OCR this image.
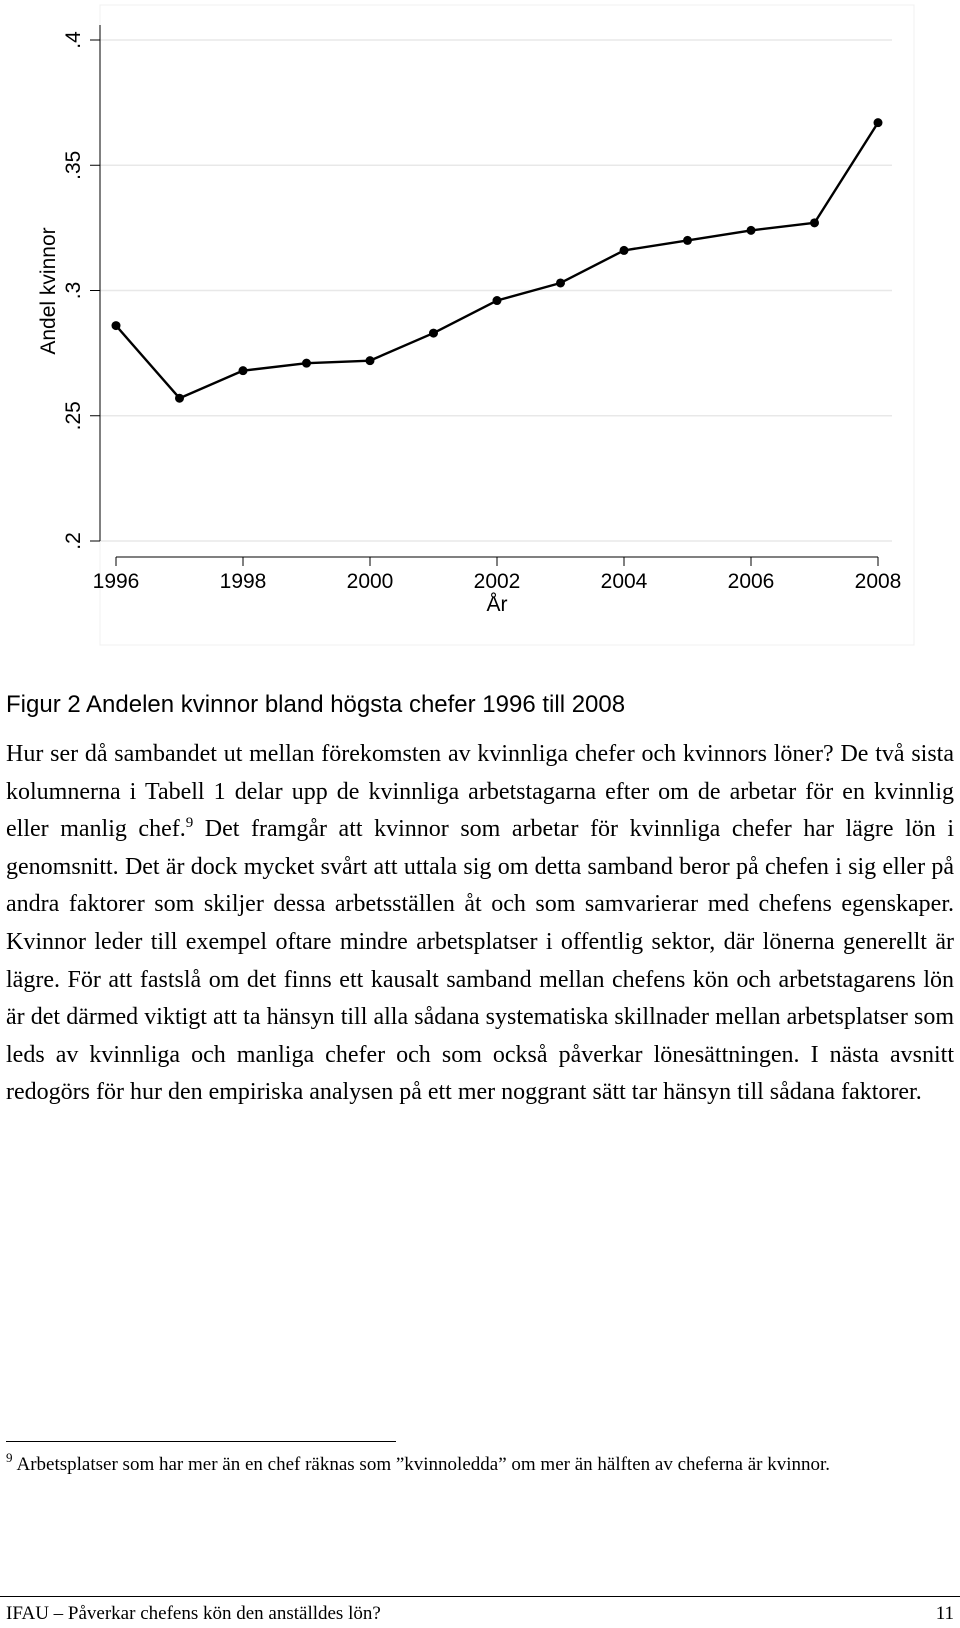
.2
.25
.3
.35
.4
1996	1998	2000	2002	2004	2006	2008
År
Andel kvinnor
Figur 2 Andelen kvinnor bland högsta chefer 1996 till 2008
Hur ser då sambandet ut mellan förekomsten av kvinnliga chefer och kvinnors löner? De två sista kolumnerna i Tabell 1 delar upp de kvinnliga arbetstagarna efter om de arbetar för en kvinnlig eller manlig chef.$^9$ Det framgår att kvinnor som arbetar för kvinnliga chefer har lägre lön i genomsnitt. Det är dock mycket svårt att uttala sig om detta samband beror på chefen i sig eller på andra faktorer som skiljer dessa arbetsställen åt och som samvarierar med chefens egenskaper. Kvinnor leder till exempel oftare mindre arbetsplatser i offentlig sektor, där lönerna generellt är lägre. För att fastslå om det finns ett kausalt samband mellan chefens kön och arbetstagarens lön är det därmed viktigt att ta hänsyn till alla sådana systematiska skillnader mellan arbetsplatser som leds av kvinnliga och manliga chefer och som också påverkar lönesättningen. I nästa avsnitt redogörs för hur den empiriska analysen på ett mer noggrant sätt tar hänsyn till sådana faktorer.
$^9$ Arbetsplatser som har mer än en chef räknas som ”kvinnoledda” om mer än hälften av cheferna är kvinnor.
IFAU – Påverkar chefens kön den anställdes lön?	11
